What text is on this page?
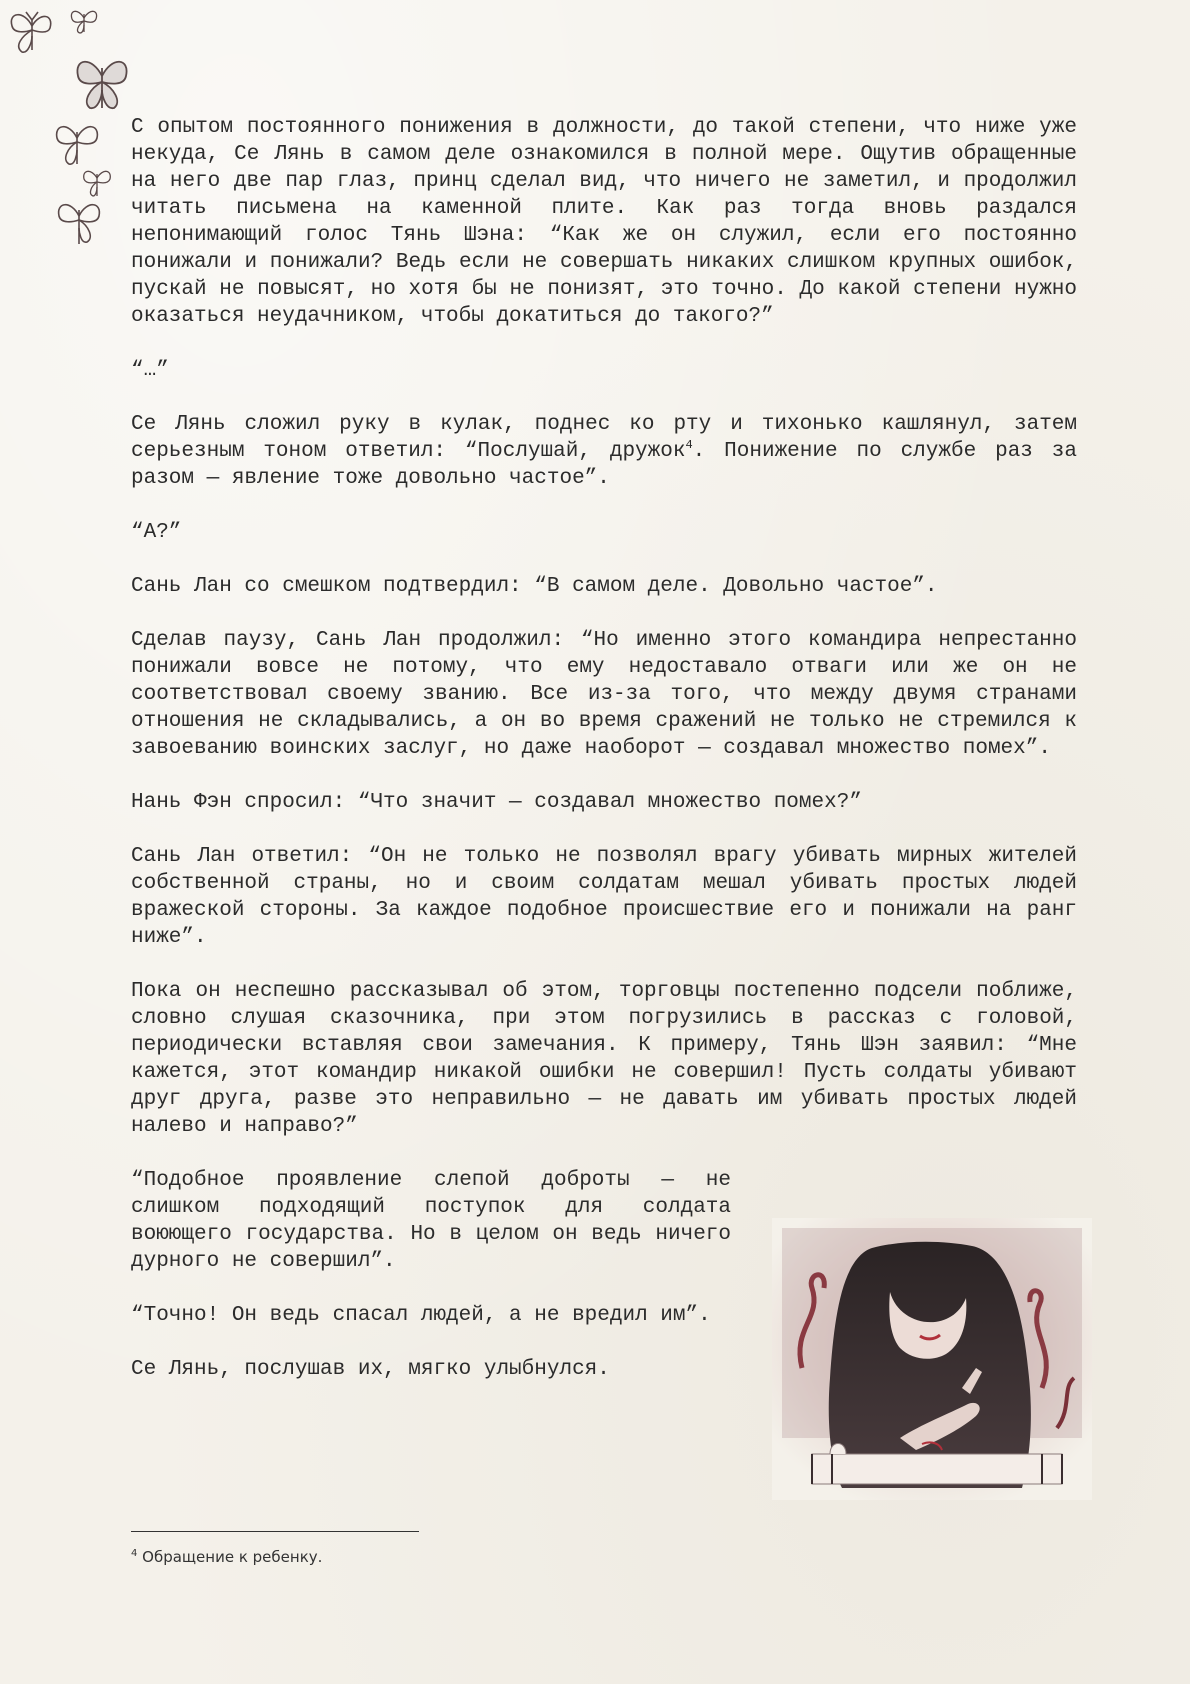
С опытом постоянного понижения в должности, до такой степени, что ниже уже некуда, Се Лянь в самом деле ознакомился в полной мере. Ощутив обращенные на него две пар глаз, принц сделал вид, что ничего не заметил, и продолжил читать письмена на каменной плите. Как раз тогда вновь раздался непонимающий голос Тянь Шэна: “Как же он служил, если его постоянно понижали и понижали? Ведь если не совершать никаких слишком крупных ошибок, пускай не повысят, но хотя бы не понизят, это точно. До какой степени нужно оказаться неудачником, чтобы докатиться до такого?”

“…”

Се Лянь сложил руку в кулак, поднес ко рту и тихонько кашлянул, затем серьезным тоном ответил: “Послушай, дружок$^4$. Понижение по службе раз за разом — явление тоже довольно частое”.

“А?”

Сань Лан со смешком подтвердил: “В самом деле. Довольно частое”.

Сделав паузу, Сань Лан продолжил: “Но именно этого командира непрестанно понижали вовсе не потому, что ему недоставало отваги или же он не соответствовал своему званию. Все из-за того, что между двумя странами отношения не складывались, а он во время сражений не только не стремился к завоеванию воинских заслуг, но даже наоборот — создавал множество помех”.

Нань Фэн спросил: “Что значит — создавал множество помех?”

Сань Лан ответил: “Он не только не позволял врагу убивать мирных жителей собственной страны, но и своим солдатам мешал убивать простых людей вражеской стороны. За каждое подобное происшествие его и понижали на ранг ниже”.

Пока он неспешно рассказывал об этом, торговцы постепенно подсели поближе, словно слушая сказочника, при этом погрузились в рассказ с головой, периодически вставляя свои замечания. К примеру, Тянь Шэн заявил: “Мне кажется, этот командир никакой ошибки не совершил! Пусть солдаты убивают друг друга, разве это неправильно — не давать им убивать простых людей налево и направо?”

“Подобное проявление слепой доброты — не слишком подходящий поступок для солдата воюющего государства. Но в целом он ведь ничего дурного не совершил”.

“Точно! Он ведь спасал людей, а не вредил им”.

Се Лянь, послушав их, мягко улыбнулся.

$^4$ Обращение к ребенку.
